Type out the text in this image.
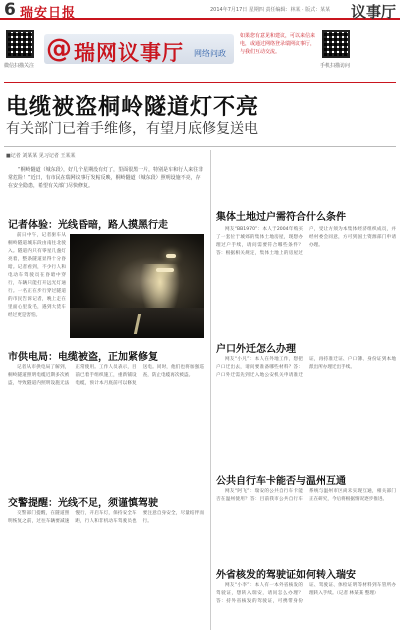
6 瑞安日报	2014年7月17日 星期四 责任编辑：林某 · 版式：某某 议事厅
微信扫描关注
@ 瑞网议事厅 网络问政
如果您有意见和建议，可以来信来电，或通过网络登录瑞网议事厅，与我们互动交流。
手机扫描访问
电缆被盗桐岭隧道灯不亮
有关部门已着手维修，有望月底修复送电
■记者 刘某某 见习记者 王某某

“桐岭隧道（城东段），好几个星期没有灯了，里面很黑一片，特别是车和行人来往非常危险！”近日，有市民在瑞网议事厅发帖反映，桐岭隧道（城东段）照明设施不亮，存在安全隐患，希望有关部门尽快修复。

记者体验：光线昏暗，路人摸黑行走

前日中午，记者驱车从桐岭隧道城东段由南往北驶入。隧道内只有零星几盏灯亮着，整条隧道显得十分昏暗。记者看到，不少行人和电动车驾驶员在昏暗中穿行，车辆只能打开远光灯通行。一名正在步行穿过隧道的市民告诉记者，晚上走在里面心里发毛，遇到大货车经过更是害怕。

市供电局：电缆被盗，正加紧修复

记者从市供电局了解到，桐岭隧道照明电缆近期多次被盗，导致隧道内照明设施无法正常使用。工作人员表示，目前已着手组织施工，重新铺设电缆，预计本月底前可以修复送电。同时，他们也将加强巡查，防止电缆再次被盗。

交警提醒：光线不足，须谨慎驾驶

交警部门提醒，在隧道照明恢复之前，过往车辆要减速慢行，开启车灯，保持安全车距，行人和非机动车驾驶员也要注意自身安全，尽量结伴而行。

集体土地过户需符合什么条件

网友“BB1970”：本人于2004年购买了一套位于城郊的集体土地房屋，现想办理过户手续，请问需要符合哪些条件？答：根据相关规定，集体土地上的房屋过户，受让方须为本集体经济组织成员，并经村委会同意，方可到国土资源部门申请办理。

户口外迁怎么办理

网友“小凡”：本人在外地工作，想把户口迁出去，请问要准备哪些材料？答：户口外迁需先到迁入地公安机关申请准迁证，再持准迁证、户口簿、身份证到本地派出所办理迁出手续。

公共自行车卡能否与温州互通

网友“阿飞”：瑞安的公共自行车卡能否在温州使用？答：目前我市公共自行车系统与温州市区尚未实现互通，相关部门正在研究，今后将根据情况逐步推进。

外省核发的驾驶证如何转入瑞安

网友“小李”：本人有一本外省核发的驾驶证，想转入瑞安，请问怎么办理？答：持外省核发的驾驶证，可携带身份证、驾驶证、体检证明等材料到车管所办理转入手续。（记者 林某某 整理）
